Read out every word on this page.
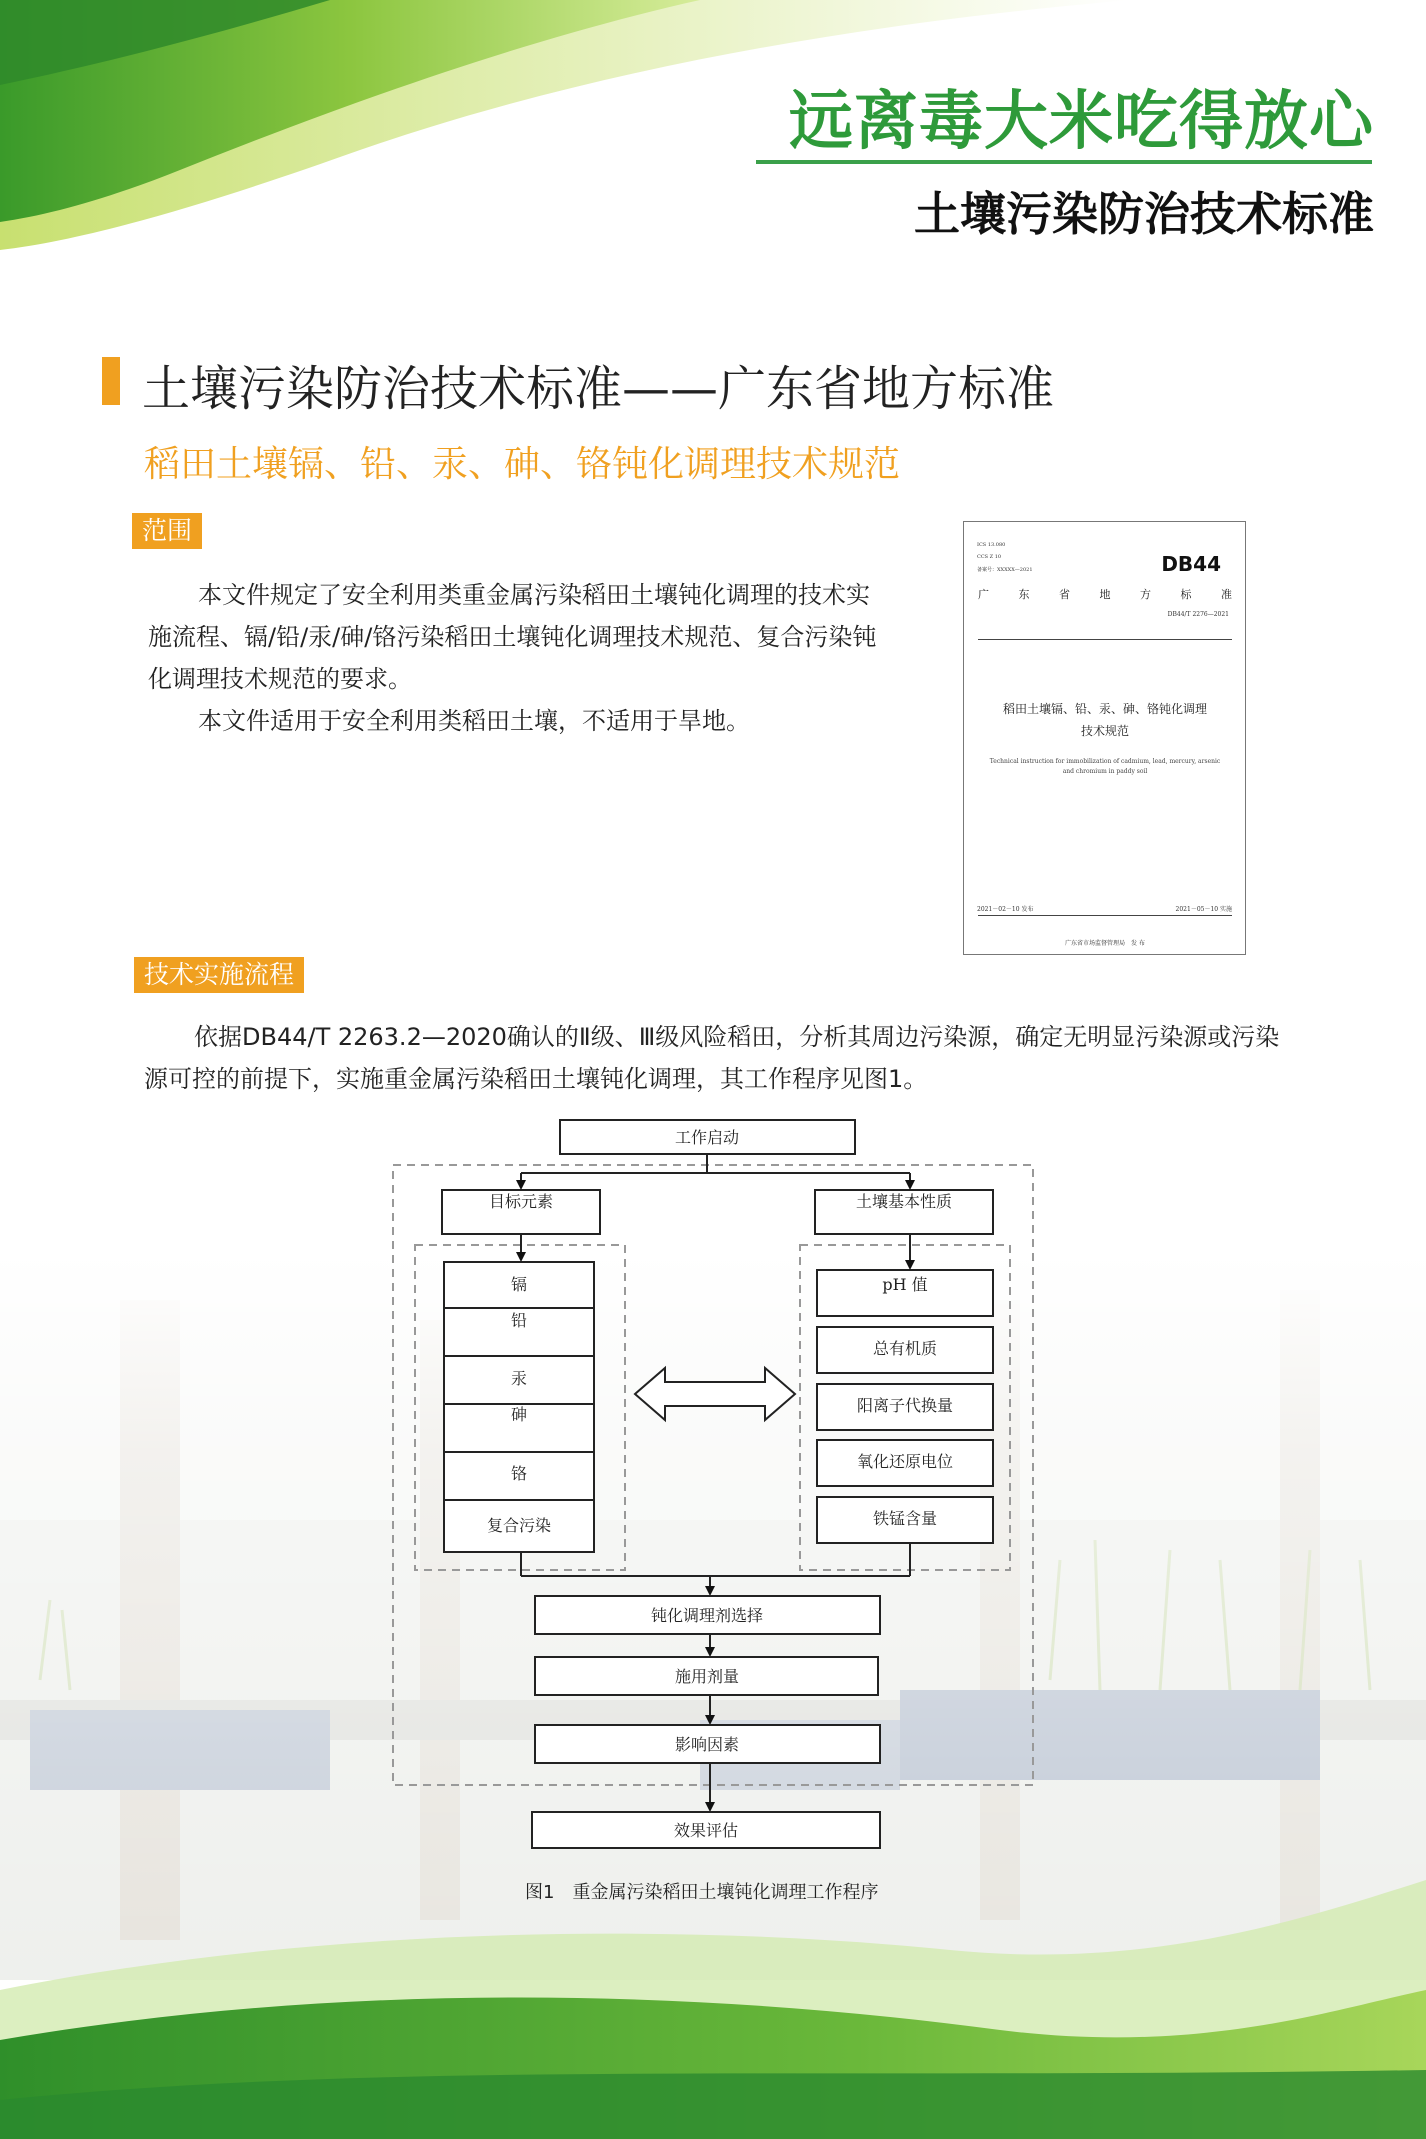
远离毒大米吃得放心
土壤污染防治技术标准
土壤污染防治技术标准——广东省地方标准
稻田土壤镉、铅、汞、砷、铬钝化调理技术规范
范围
本文件规定了安全利用类重金属污染稻田土壤钝化调理的技术实施流程、镉/铅/汞/砷/铬污染稻田土壤钝化调理技术规范、复合污染钝化调理技术规范的要求。
本文件适用于安全利用类稻田土壤，不适用于旱地。
ICS 13.080
CCS Z 10
备案号：XXXXX—2021	DB44
广	东	省	地	方	标	准
DB44/T 2276—2021
稻田土壤镉、铅、汞、砷、铬钝化调理
技术规范
Technical instruction for immobilization of cadmium, lead, mercury, arsenic and chromium in paddy soil
2021－02－10 发布	2021－05－10 实施
广东省市场监督管理局　发 布
技术实施流程
依据DB44/T 2263.2—2020确认的Ⅱ级、Ⅲ级风险稻田，分析其周边污染源，确定无明显污染源或污染源可控的前提下，实施重金属污染稻田土壤钝化调理，其工作程序见图1。
工作启动
目标元素	土壤基本性质
镉
铅
汞
砷
铬
复合污染
pH 值
总有机质
阳离子代换量
氧化还原电位
铁锰含量
钝化调理剂选择
施用剂量
影响因素
效果评估
图1　重金属污染稻田土壤钝化调理工作程序
